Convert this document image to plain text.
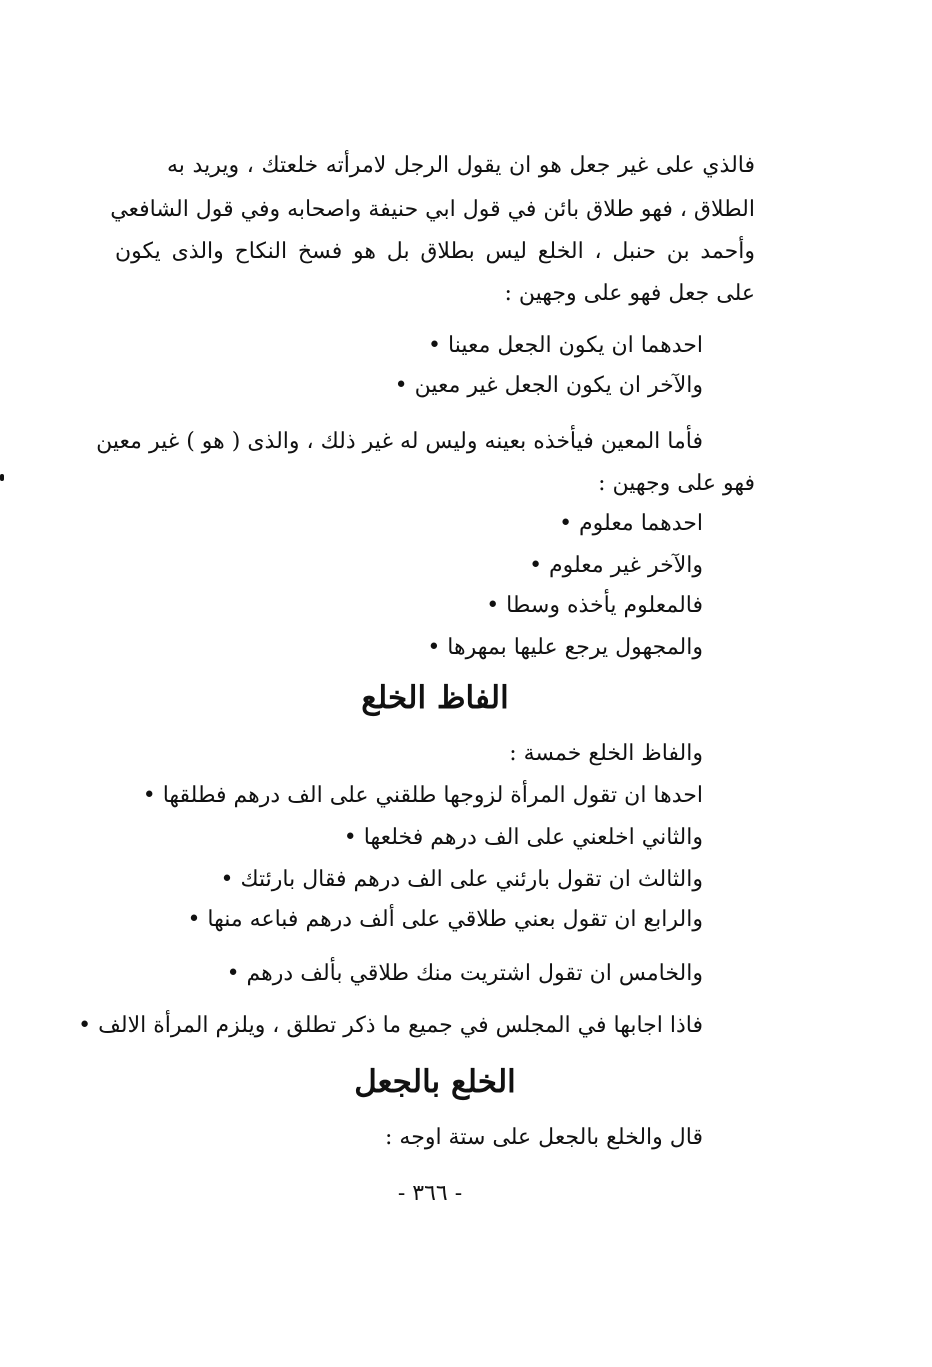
فالذي على غير جعل هو ان يقول الرجل لامرأته خلعتك ، ويريد به
الطلاق ، فهو طلاق بائن في قول ابي حنيفة واصحابه وفي قول الشافعي
وأحمد بن حنبل ، الخلع ليس بطلاق بل هو فسخ النكاح والذى يكون
على جعل فهو على وجهين :
احدهما ان يكون الجعل معينا •
والآخر ان يكون الجعل غير معين •
فأما المعين فيأخذه بعينه وليس له غير ذلك ، والذى ( هو ) غير معين
فهو على وجهين :
احدهما معلوم •
والآخر غير معلوم •
فالمعلوم يأخذه وسطا •
والمجهول يرجع عليها بمهرها •
الفاظ الخلع
والفاظ الخلع خمسة :
احدها ان تقول المرأة لزوجها طلقني على الف درهم فطلقها •
والثاني اخلعني على الف درهم فخلعها •
والثالث ان تقول بارئني على الف درهم فقال بارئتك •
والرابع ان تقول بعني طلاقي على ألف درهم فباعه منها •
والخامس ان تقول اشتريت منك طلاقي بألف درهم •
فاذا اجابها في المجلس في جميع ما ذكر تطلق ، ويلزم المرأة الالف •
الخلع بالجعل
قال والخلع بالجعل على ستة اوجه :
- ٣٦٦ -
